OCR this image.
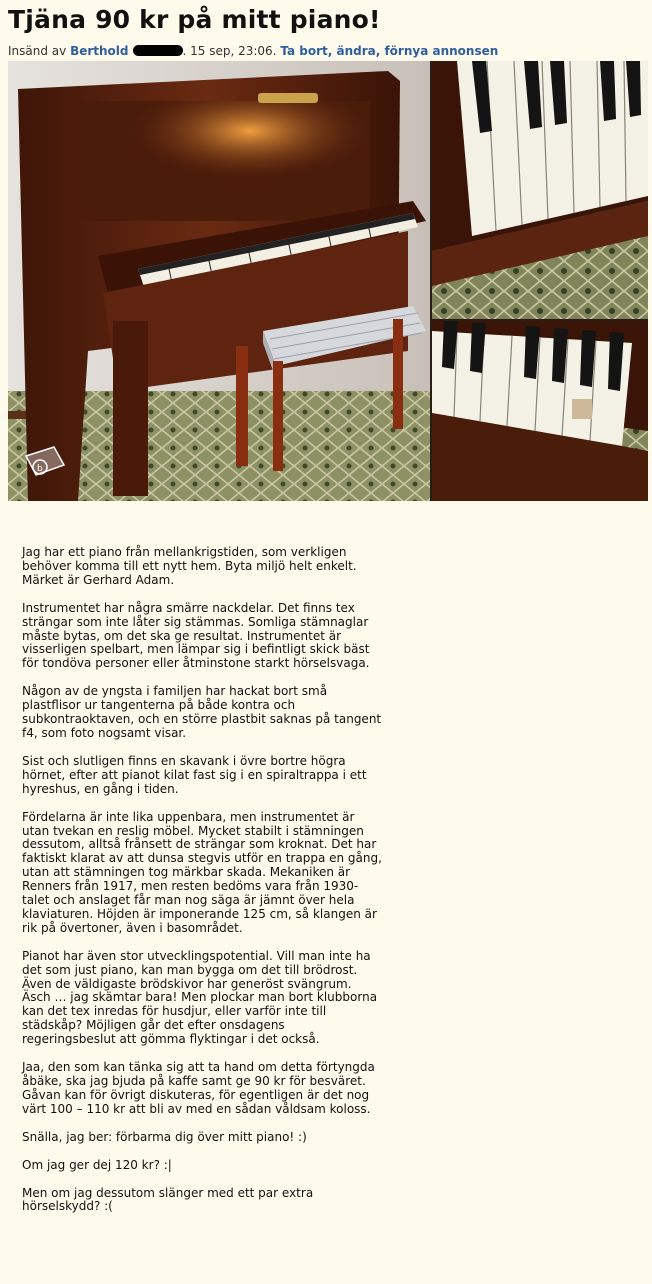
Tjäna 90 kr på mitt piano!
Insänd av Berthold	. 15 sep, 23:06. Ta bort, ändra, förnya annonsen
b

Jag har ett piano från mellankrigstiden, som verkligen behöver komma till ett nytt hem. Byta miljö helt enkelt. Märket är Gerhard Adam.

Instrumentet har några smärre nackdelar. Det finns tex strängar som inte låter sig stämmas. Somliga stämnaglar måste bytas, om det ska ge resultat. Instrumentet är visserligen spelbart, men lämpar sig i befintligt skick bäst för tondöva personer eller åtminstone starkt hörselsvaga.

Någon av de yngsta i familjen har hackat bort små plastflisor ur tangenterna på både kontra och subkontraoktaven, och en större plastbit saknas på tangent f4, som foto nogsamt visar.

Sist och slutligen finns en skavank i övre bortre högra hörnet, efter att pianot kilat fast sig i en spiraltrappa i ett hyreshus, en gång i tiden.

Fördelarna är inte lika uppenbara, men instrumentet är utan tvekan en reslig möbel. Mycket stabilt i stämningen dessutom, alltså frånsett de strängar som kroknat. Det har faktiskt klarat av att dunsa stegvis utför en trappa en gång, utan att stämningen tog märkbar skada. Mekaniken är Renners från 1917, men resten bedöms vara från 1930-talet och anslaget får man nog säga är jämnt över hela klaviaturen. Höjden är imponerande 125 cm, så klangen är rik på övertoner, även i basområdet.

Pianot har även stor utvecklingspotential. Vill man inte ha det som just piano, kan man bygga om det till brödrost. Även de väldigaste brödskivor har generöst svängrum. Äsch … jag skämtar bara! Men plockar man bort klubborna kan det tex inredas för husdjur, eller varför inte till städskåp? Möjligen går det efter onsdagens regeringsbeslut att gömma flyktingar i det också.

Jaa, den som kan tänka sig att ta hand om detta förtyngda åbäke, ska jag bjuda på kaffe samt ge 90 kr för besväret. Gåvan kan för övrigt diskuteras, för egentligen är det nog värt 100 – 110 kr att bli av med en sådan våldsam koloss.

Snälla, jag ber: förbarma dig över mitt piano! :)

Om jag ger dej 120 kr? :|

Men om jag dessutom slänger med ett par extra hörselskydd? :(
